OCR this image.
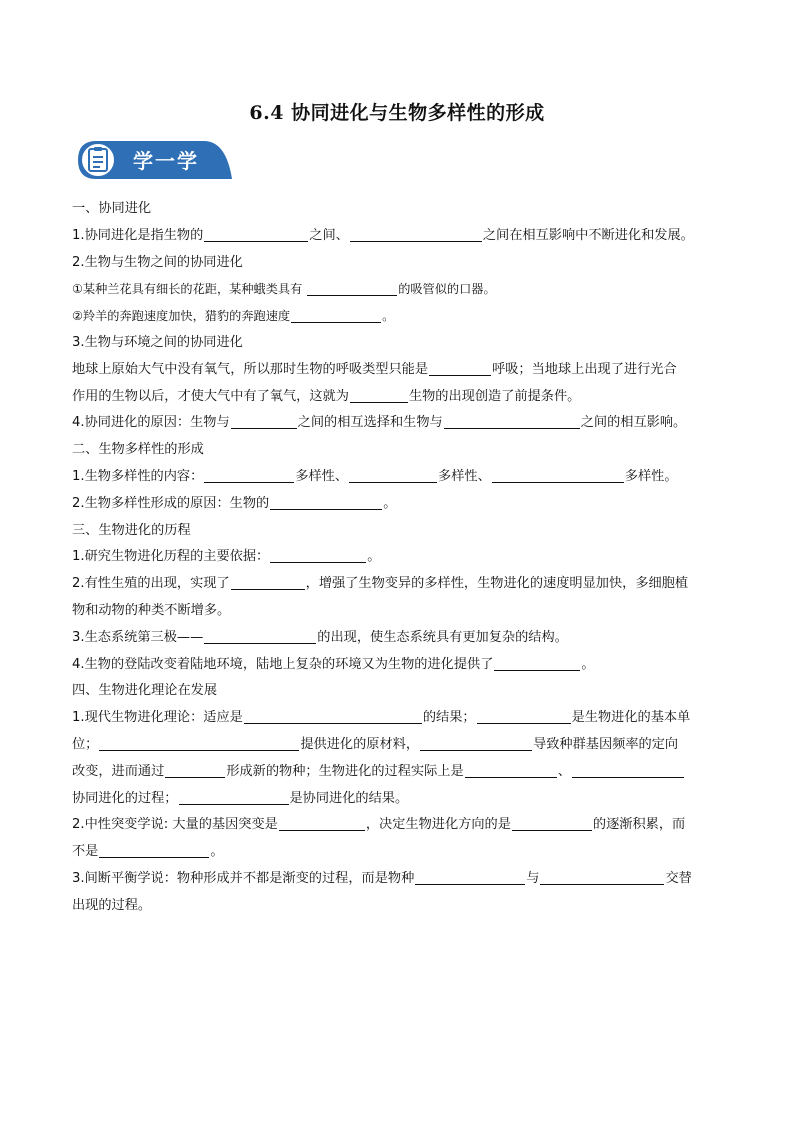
6.4 协同进化与生物多样性的形成
学一学
一、协同进化
1.协同进化是指生物的	之间、	之间在相互影响中不断进化和发展。
2.生物与生物之间的协同进化
①某种兰花具有细长的花距，某种蛾类具有	的吸管似的口器。
②羚羊的奔跑速度加快，猎豹的奔跑速度	。
3.生物与环境之间的协同进化
地球上原始大气中没有氧气，所以那时生物的呼吸类型只能是	呼吸；当地球上出现了进行光合
作用的生物以后，才使大气中有了氧气，这就为	生物的出现创造了前提条件。
4.协同进化的原因：生物与	之间的相互选择和生物与	之间的相互影响。
二、生物多样性的形成
1.生物多样性的内容：	多样性、	多样性、	多样性。
2.生物多样性形成的原因：生物的	。
三、生物进化的历程
1.研究生物进化历程的主要依据：	。
2.有性生殖的出现，实现了	，增强了生物变异的多样性，生物进化的速度明显加快，多细胞植
物和动物的种类不断增多。
3.生态系统第三极——	的出现，使生态系统具有更加复杂的结构。
4.生物的登陆改变着陆地环境，陆地上复杂的环境又为生物的进化提供了	。
四、生物进化理论在发展
1.现代生物进化理论：适应是	的结果；	是生物进化的基本单
位；	提供进化的原材料，	导致种群基因频率的定向
改变，进而通过	形成新的物种；生物进化的过程实际上是	、
协同进化的过程；	是协同进化的结果。
2.中性突变学说: 大量的基因突变是	，决定生物进化方向的是	的逐渐积累，而
不是	。
3.间断平衡学说：物种形成并不都是渐变的过程，而是物种	与	交替
出现的过程。
